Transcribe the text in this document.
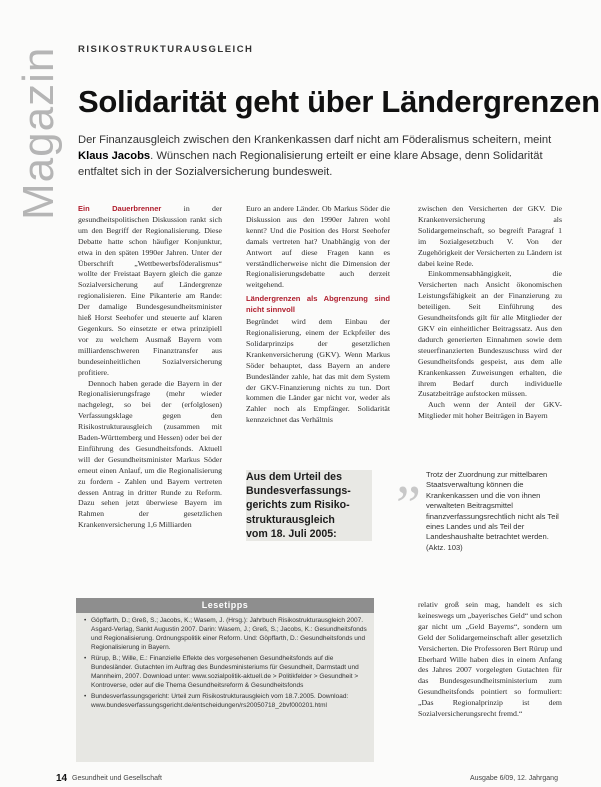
Magazin RISIKOSTRUKTURAUSGLEICH
Solidarität geht über Ländergrenzen
Der Finanzausgleich zwischen den Krankenkassen darf nicht am Föderalismus scheitern, meint Klaus Jacobs. Wünschen nach Regionalisierung erteilt er eine klare Absage, denn Solidarität entfaltet sich in der Sozialversicherung bundesweit.

Ein Dauerbrenner in der gesundheitspolitischen Diskussion rankt sich um den Begriff der Regionalisierung. Diese Debatte hatte schon häufiger Konjunktur, etwa in den späten 1990er Jahren. Unter der Überschrift „Wettbewerbsföderalismus“ wollte der Freistaat Bayern gleich die ganze Sozialversicherung auf Ländergrenze regionalisieren. Eine Pikanterie am Rande: Der damalige Bundesgesundheitsminister hieß Horst Seehofer und steuerte auf klaren Gegenkurs. So einsetzte er etwa prinzipiell vor zu welchem Ausmaß Bayern vom milliardenschweren Finanztransfer aus bundeseinheitlichen Sozialversicherung profitiere.

Dennoch haben gerade die Bayern in der Regionalisierungsfrage (mehr wieder nachgelegt, so bei der (erfolglosen) Verfassungsklage gegen den Risikostrukturausgleich (zusammen mit Baden-Württemberg und Hessen) oder bei der Einführung des Gesundheitsfonds. Aktuell will der Gesundheitsminister Markus Söder erneut einen Anlauf, um die Regionalisierung zu fordern - Zahlen und Bayern vertreten dessen Antrag in dritter Runde zu Reform. Dazu sehen jetzt überwiese Bayern im Rahmen der gesetzlichen Krankenversicherung 1,6 Milliarden

Euro an andere Länder. Ob Markus Söder die Diskussion aus den 1990er Jahren wohl kennt? Und die Position des Horst Seehofer damals vertreten hat? Unabhängig von der Antwort auf diese Fragen kann es verständlicherweise nicht die Dimension der Regionalisierungsdebatte auch derzeit weitgehend.

Ländergrenzen als Abgrenzung sind nicht sinnvoll

Begründet wird dem Einbau der Regionalisierung, einem der Eckpfeiler des Solidarprinzips der gesetzlichen Krankenversicherung (GKV). Wenn Markus Söder behauptet, dass Bayern an andere Bundesländer zahle, hat das mit dem System der GKV-Finanzierung nichts zu tun. Dort kommen die Länder gar nicht vor, weder als Zahler noch als Empfänger. Solidarität kennzeichnet das Verhältnis

zwischen den Versicherten der GKV. Die Krankenversicherung als Solidargemeinschaft, so begreift Paragraf 1 im Sozialgesetzbuch V. Von der Zugehörigkeit der Versicherten zu Ländern ist dabei keine Rede.

Einkommensabhängigkeit, die Versicherten nach Ansicht ökonomischen Leistungsfähigkeit an der Finanzierung zu beteiligen. Seit Einführung des Gesundheitsfonds gilt für alle Mitglieder der GKV ein einheitlicher Beitragssatz. Aus den dadurch generierten Einnahmen sowie dem steuerfinanzierten Bundeszuschuss wird der Gesundheitsfonds gespeist, aus dem alle Krankenkassen Zuweisungen erhalten, die ihrem Bedarf durch individuelle Zusatzbeiträge aufstocken müssen.

Auch wenn der Anteil der GKV-Mitglieder mit hoher Beiträgen in Bayern

Aus dem Urteil des
Bundesverfassungs-
gerichts zum Risiko-
strukturausgleich
vom 18. Juli 2005:	”
Trotz der Zuordnung zur mittelbaren Staatsverwaltung können die Krankenkassen und die von ihnen verwalteten Beitragsmittel finanzverfassungsrechtlich nicht als Teil eines Landes und als Teil der Landeshaushalte betrachtet werden.
(Aktz. 103)

relativ groß sein mag, handelt es sich keineswegs um „bayerisches Geld“ und schon gar nicht um „Geld Bayerns“, sondern um Geld der Solidargemeinschaft aller gesetzlich Versicherten. Die Professoren Bert Rürup und Eberhard Wille haben dies in einem Anfang des Jahres 2007 vorgelegten Gutachten für das Bundesgesundheitsministerium zum Gesundheitsfonds pointiert so formuliert: „Das Regionalprinzip ist dem Sozialversicherungsrecht fremd.“

Lesetipps
• Göpffarth, D.; Greß, S.; Jacobs, K.; Wasem, J. (Hrsg.): Jahrbuch Risikostrukturausgleich 2007. Asgard-Verlag, Sankt Augustin 2007. Darin: Wasem, J.; Greß, S.; Jacobs, K.: Gesundheitsfonds und Regionalisierung. Ordnungspolitik einer Reform. Und: Göpffarth, D.: Gesundheitsfonds und Regionalisierung in Bayern.
• Rürup, B.; Wille, E.: Finanzielle Effekte des vorgesehenen Gesundheitsfonds auf die Bundesländer. Gutachten im Auftrag des Bundesministeriums für Gesundheit, Darmstadt und Mannheim, 2007. Download unter: www.sozialpolitik-aktuell.de > Politikfelder > Gesundheit > Kontroverse, oder auf die Thema Gesundheitsreform & Gesundheitsfonds
• Bundesverfassungsgericht: Urteil zum Risikostrukturausgleich vom 18.7.2005. Download: www.bundesverfassungsgericht.de/entscheidungen/rs20050718_2bvf000201.html
14 Gesundheit und Gesellschaft	Ausgabe 6/09, 12. Jahrgang
